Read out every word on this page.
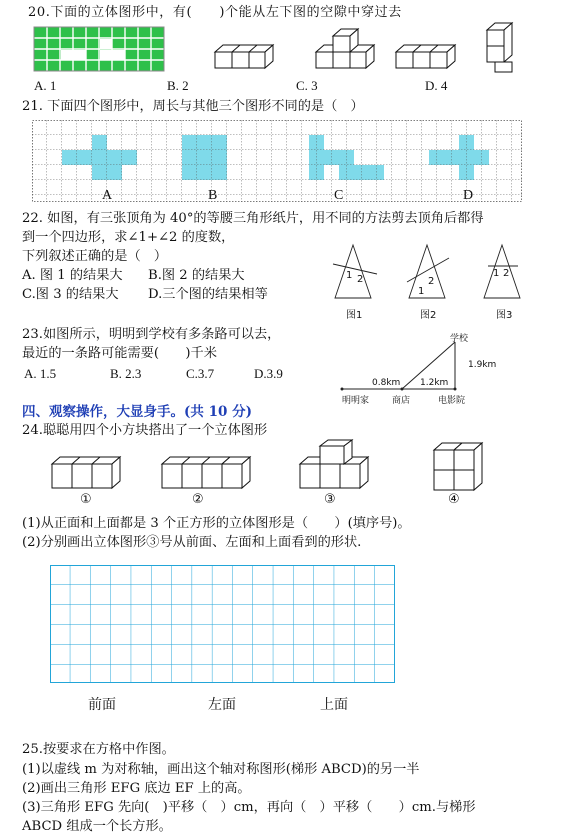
20.下面的立体图形中，有(　　)个能从左下图的空隙中穿过去
A. 1	B. 2	C. 3	D. 4
21. 下面四个图形中，周长与其他三个图形不同的是（　）
A	B	C	D
22. 如图，有三张顶角为 40°的等腰三角形纸片，用不同的方法剪去顶角后都得
到一个四边形，求∠1+∠2 的度数，
下列叙述正确的是（　）
A. 图 1 的结果大 B.图 2 的结果大
C.图 3 的结果大 D.三个图的结果相等
1 2
1
2
1 2
图1	图2	图3
23.如图所示，明明到学校有多条路可以去，
最近的一条路可能需要(　　)千米
A. 1.5	B. 2.3	C.3.7	D.3.9
学校
1.9km
0.8km 1.2km
明明家	商店	电影院
四、观察操作，大显身手。(共 10 分)
24.聪聪用四个小方块搭出了一个立体图形
①	②	③	④
(1)从正面和上面都是 3 个正方形的立体图形是（　　）(填序号)。
(2)分别画出立体图形③号从前面、左面和上面看到的形状.
前面	左面	上面
25.按要求在方格中作图。
(1)以虚线 m 为对称轴，画出这个轴对称图形(梯形 ABCD)的另一半
(2)画出三角形 EFG 底边 EF 上的高。
(3)三角形 EFG 先向(　)平移（　）cm，再向（　）平移（　　）cm.与梯形
ABCD 组成一个长方形。
